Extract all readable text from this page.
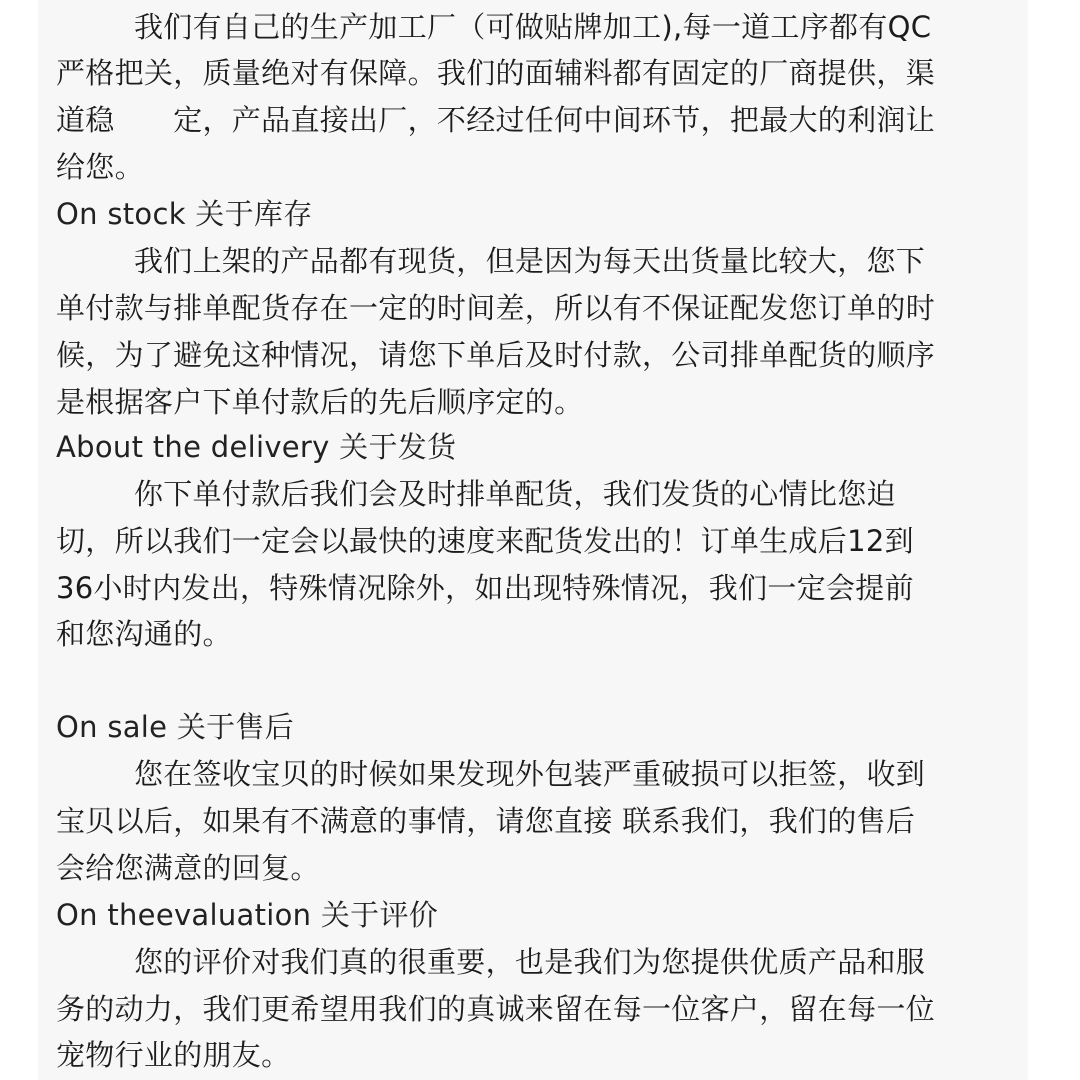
我们有自己的生产加工厂（可做贴牌加工),每一道工序都有QC
严格把关，质量绝对有保障。我们的面辅料都有固定的厂商提供，渠
道稳　　定，产品直接出厂，不经过任何中间环节，把最大的利润让
给您。
On stock 关于库存
我们上架的产品都有现货，但是因为每天出货量比较大，您下
单付款与排单配货存在一定的时间差，所以有不保证配发您订单的时
候，为了避免这种情况，请您下单后及时付款，公司排单配货的顺序
是根据客户下单付款后的先后顺序定的。
About the delivery 关于发货
你下单付款后我们会及时排单配货，我们发货的心情比您迫
切，所以我们一定会以最快的速度来配货发出的！订单生成后12到
36小时内发出，特殊情况除外，如出现特殊情况，我们一定会提前
和您沟通的。
On sale 关于售后
您在签收宝贝的时候如果发现外包装严重破损可以拒签，收到
宝贝以后，如果有不满意的事情，请您直接 联系我们，我们的售后
会给您满意的回复。
On theevaluation 关于评价
您的评价对我们真的很重要，也是我们为您提供优质产品和服
务的动力，我们更希望用我们的真诚来留在每一位客户，留在每一位
宠物行业的朋友。
